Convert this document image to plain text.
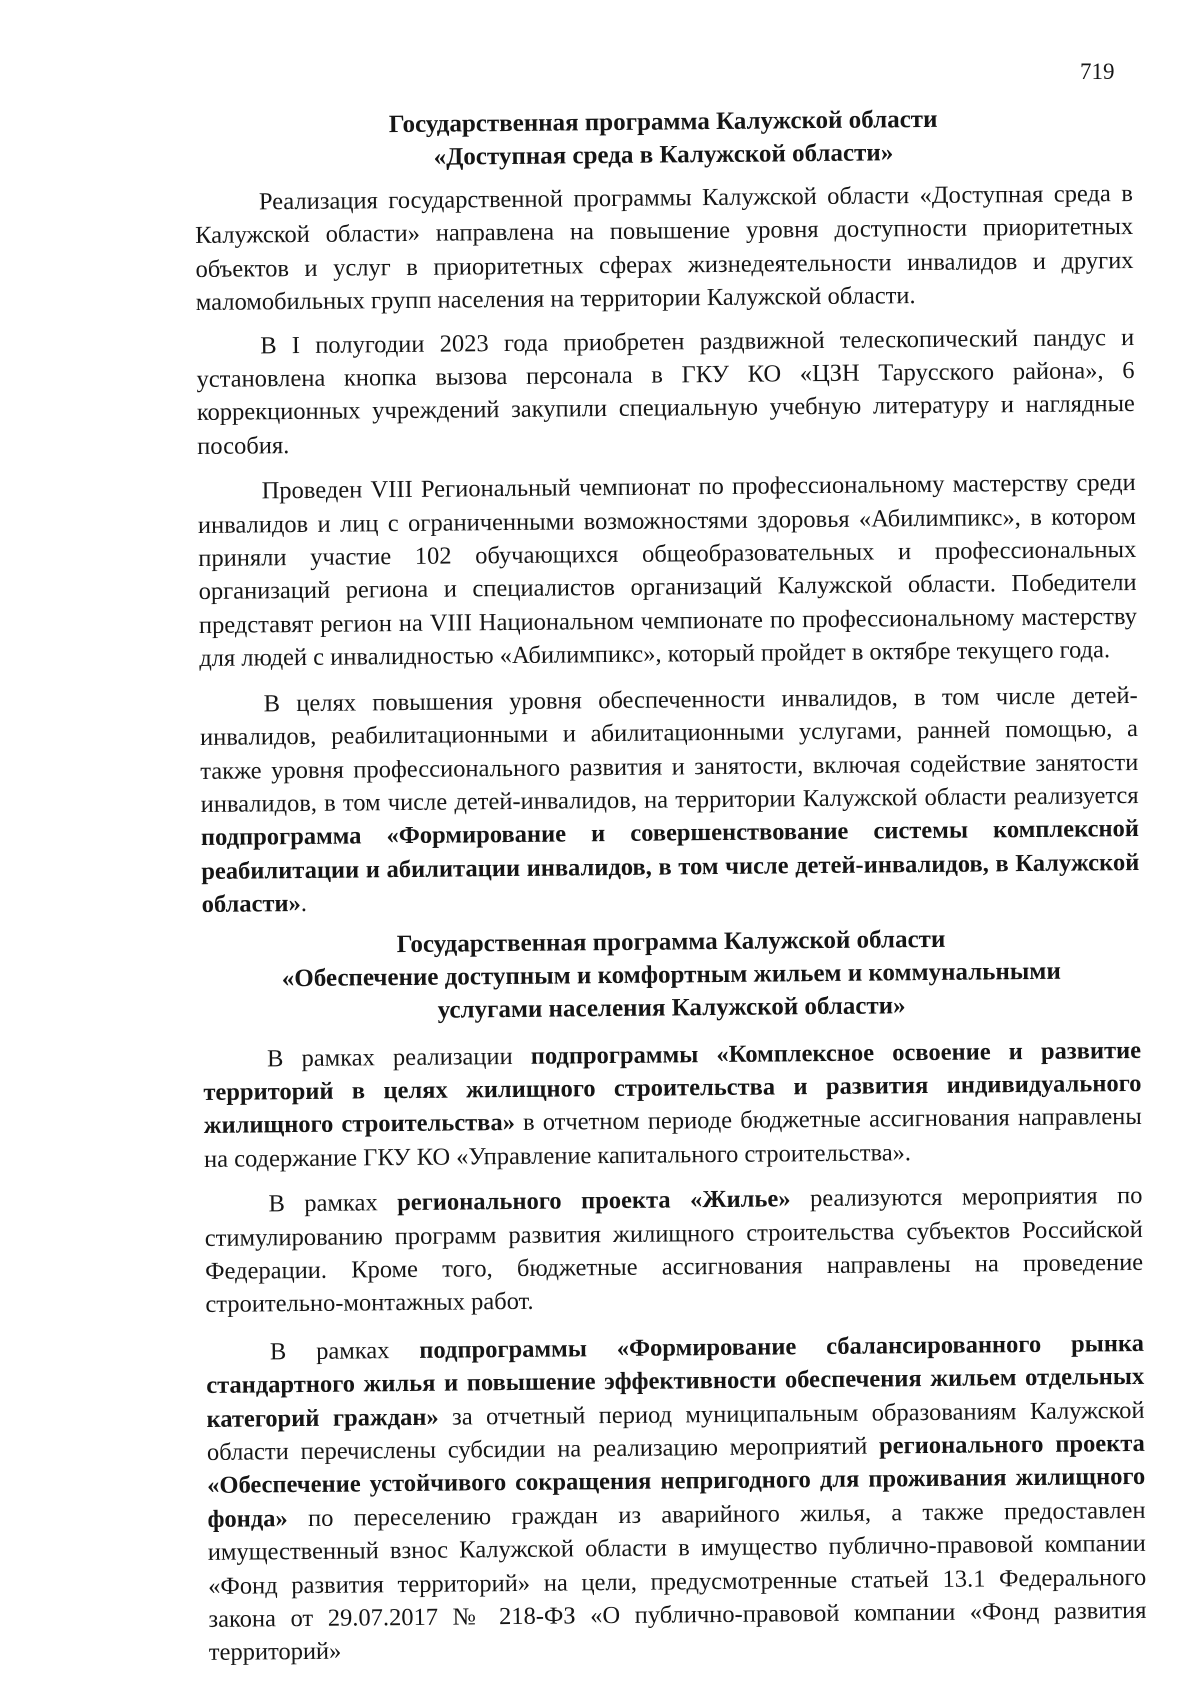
719
Государственная программа Калужской области
«Доступная среда в Калужской области»

Реализация государственной программы Калужской области «Доступная среда в Калужской области» направлена на повышение уровня доступности приоритетных объектов и услуг в приоритетных сферах жизнедеятельности инвалидов и других маломобильных групп населения на территории Калужской области.

В I полугодии 2023 года приобретен раздвижной телескопический пандус и установлена кнопка вызова персонала в ГКУ КО «ЦЗН Тарусского района», 6 коррекционных учреждений закупили специальную учебную литературу и наглядные пособия.

Проведен VIII Региональный чемпионат по профессиональному мастерству среди инвалидов и лиц с ограниченными возможностями здоровья «Абилимпикс», в котором приняли участие 102 обучающихся общеобразовательных и профессиональных организаций региона и специалистов организаций Калужской области. Победители представят регион на VIII Национальном чемпионате по профессиональному мастерству для людей с инвалидностью «Абилимпикс», который пройдет в октябре текущего года.

В целях повышения уровня обеспеченности инвалидов, в том числе детей-инвалидов, реабилитационными и абилитационными услугами, ранней помощью, а также уровня профессионального развития и занятости, включая содействие занятости инвалидов, в том числе детей-инвалидов, на территории Калужской области реализуется подпрограмма «Формирование и совершенствование системы комплексной реабилитации и абилитации инвалидов, в том числе детей-инвалидов, в Калужской области».

Государственная программа Калужской области
«Обеспечение доступным и комфортным жильем и коммунальными
услугами населения Калужской области»

В рамках реализации подпрограммы «Комплексное освоение и развитие территорий в целях жилищного строительства и развития индивидуального жилищного строительства» в отчетном периоде бюджетные ассигнования направлены на содержание ГКУ КО «Управление капитального строительства».

В рамках регионального проекта «Жилье» реализуются мероприятия по стимулированию программ развития жилищного строительства субъектов Российской Федерации. Кроме того, бюджетные ассигнования направлены на проведение строительно-монтажных работ.

В рамках подпрограммы «Формирование сбалансированного рынка стандартного жилья и повышение эффективности обеспечения жильем отдельных категорий граждан» за отчетный период муниципальным образованиям Калужской области перечислены субсидии на реализацию мероприятий регионального проекта «Обеспечение устойчивого сокращения непригодного для проживания жилищного фонда» по переселению граждан из аварийного жилья, а также предоставлен имущественный взнос Калужской области в имущество публично-правовой компании «Фонд развития территорий» на цели, предусмотренные статьей 13.1 Федерального закона от 29.07.2017 № 218-ФЗ «О публично-правовой компании «Фонд развития территорий»
